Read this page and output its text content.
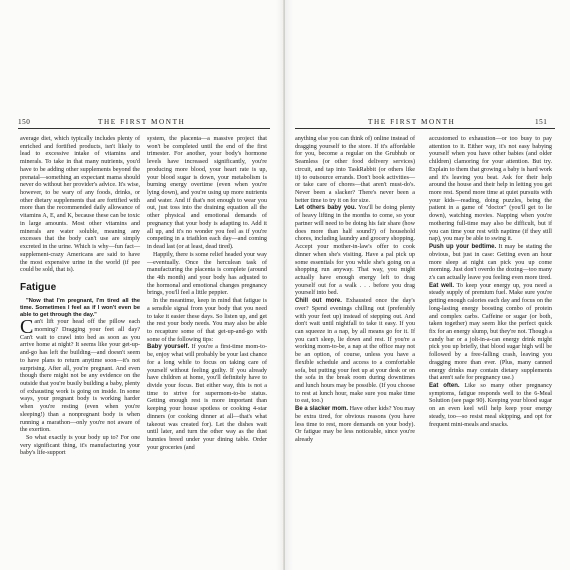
150	THE FIRST MONTH

average diet, which typically includes plenty of enriched and fortified products, isn't likely to lead to excessive intake of vitamins and minerals. To take in that many nutrients, you'd have to be adding other supplements beyond the prenatal—something an expectant mama should never do without her provider's advice. It's wise, however, to be wary of any foods, drinks, or other dietary supplements that are fortified with more than the recommended daily allowance of vitamins A, E, and K, because these can be toxic in large amounts. Most other vitamins and minerals are water soluble, meaning any excesses that the body can't use are simply excreted in the urine. Which is why—fun fact—supplement-crazy Americans are said to have the most expensive urine in the world (if pee could be sold, that is).

Fatigue

"Now that I'm pregnant, I'm tired all the time. Sometimes I feel as if I won't even be able to get through the day."

Can't lift your head off the pillow each morning? Dragging your feet all day? Can't wait to crawl into bed as soon as you arrive home at night? It seems like your get-up-and-go has left the building—and doesn't seem to have plans to return anytime soon—it's not surprising. After all, you're pregnant. And even though there might not be any evidence on the outside that you're busily building a baby, plenty of exhausting work is going on inside. In some ways, your pregnant body is working harder when you're resting (even when you're sleeping!) than a nonpregnant body is when running a marathon—only you're not aware of the exertion.

So what exactly is your body up to? For one very significant thing, it's manufacturing your baby's life-support

system, the placenta—a massive project that won't be completed until the end of the first trimester. For another, your body's hormone levels have increased significantly, you're producing more blood, your heart rate is up, your blood sugar is down, your metabolism is burning energy overtime (even when you're lying down), and you're using up more nutrients and water. And if that's not enough to wear you out, just toss into the draining equation all the other physical and emotional demands of pregnancy that your body is adapting to. Add it all up, and it's no wonder you feel as if you're competing in a triathlon each day—and coming in dead last (or at least, dead tired).

Happily, there is some relief headed your way—eventually. Once the herculean task of manufacturing the placenta is complete (around the 4th month) and your body has adjusted to the hormonal and emotional changes pregnancy brings, you'll feel a little peppier.

In the meantime, keep in mind that fatigue is a sensible signal from your body that you need to take it easier these days. So listen up, and get the rest your body needs. You may also be able to recapture some of that get-up-and-go with some of the following tips:

Baby yourself. If you're a first-time mom-to-be, enjoy what will probably be your last chance for a long while to focus on taking care of yourself without feeling guilty. If you already have children at home, you'll definitely have to divide your focus. But either way, this is not a time to strive for supermom-to-be status. Getting enough rest is more important than keeping your house spotless or cooking 4-star dinners (or cooking dinner at all—that's what takeout was created for). Let the dishes wait until later, and turn the other way as the dust bunnies breed under your dining table. Order your groceries (and

THE FIRST MONTH	151

anything else you can think of) online instead of dragging yourself to the store. If it's affordable for you, become a regular on the Grubhub or Seamless (or other food delivery services) circuit, and tap into TaskRabbit (or others like it) to outsource errands. Don't book activities—or take care of chores—that aren't must-do's. Never been a slacker? There's never been a better time to try it on for size.

Let others baby you. You'll be doing plenty of heavy lifting in the months to come, so your partner will need to be doing his fair share (how does more than half sound?) of household chores, including laundry and grocery shopping. Accept your mother-in-law's offer to cook dinner when she's visiting. Have a pal pick up some essentials for you while she's going on a shopping run anyway. That way, you might actually have enough energy left to drag yourself out for a walk . . . before you drag yourself into bed.

Chill out more. Exhausted once the day's over? Spend evenings chilling out (preferably with your feet up) instead of stepping out. And don't wait until nightfall to take it easy. If you can squeeze in a nap, by all means go for it. If you can't sleep, lie down and rest. If you're a working mom-to-be, a nap at the office may not be an option, of course, unless you have a flexible schedule and access to a comfortable sofa, but putting your feet up at your desk or on the sofa in the break room during downtimes and lunch hours may be possible. (If you choose to rest at lunch hour, make sure you make time to eat, too.)

Be a slacker mom. Have other kids? You may be extra tired, for obvious reasons (you have less time to rest, more demands on your body). Or fatigue may be less noticeable, since you're already

accustomed to exhaustion—or too busy to pay attention to it. Either way, it's not easy babying yourself when you have other babies (and older children) clamoring for your attention. But try. Explain to them that growing a baby is hard work and it's leaving you beat. Ask for their help around the house and their help in letting you get more rest. Spend more time at quiet pursuits with your kids—reading, doing puzzles, being the patient in a game of "doctor" (you'll get to lie down), watching movies. Napping when you're mothering full-time may also be difficult, but if you can time your rest with naptime (if they still nap), you may be able to swing it.

Push up your bedtime. It may be stating the obvious, but just in case: Getting even an hour more sleep at night can pick you up come morning. Just don't overdo the dozing—too many z's can actually leave you feeling even more tired.

Eat well. To keep your energy up, you need a steady supply of premium fuel. Make sure you're getting enough calories each day and focus on the long-lasting energy boosting combo of protein and complex carbs. Caffeine or sugar (or both, taken together) may seem like the perfect quick fix for an energy slump, but they're not. Though a candy bar or a jolt-in-a-can energy drink might pick you up briefly, that blood sugar high will be followed by a free-falling crash, leaving you dragging more than ever. (Plus, many canned energy drinks may contain dietary supplements that aren't safe for pregnancy use.)

Eat often. Like so many other pregnancy symptoms, fatigue responds well to the 6-Meal Solution (see page 90). Keeping your blood sugar on an even keel will help keep your energy steady, too—so resist meal skipping, and opt for frequent mini-meals and snacks.
